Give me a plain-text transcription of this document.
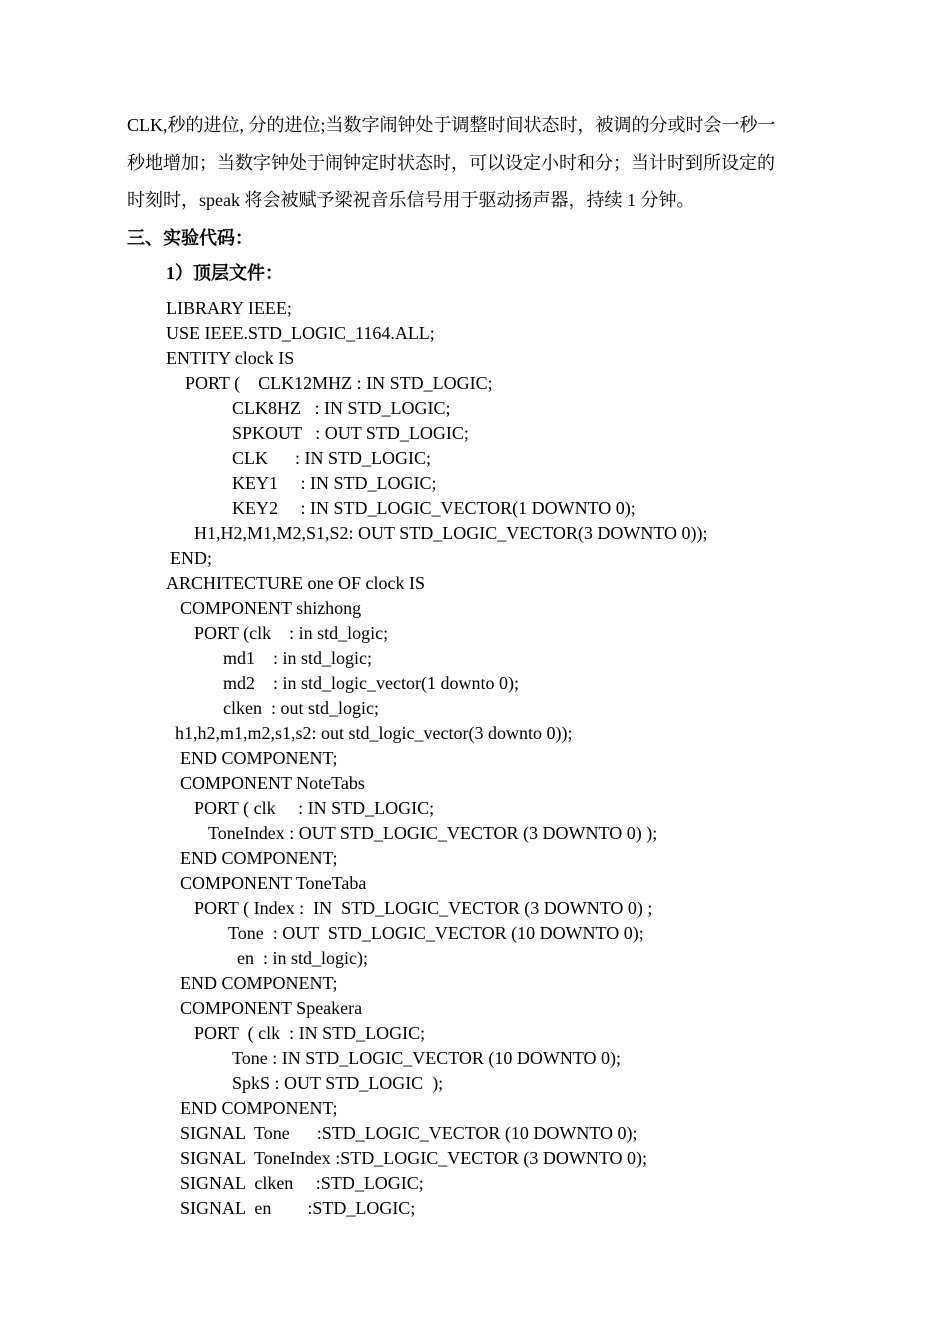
CLK,秒的进位, 分的进位;当数字闹钟处于调整时间状态时，被调的分或时会一秒一
秒地增加；当数字钟处于闹钟定时状态时，可以设定小时和分；当计时到所设定的
时刻时，speak 将会被赋予梁祝音乐信号用于驱动扬声器，持续 1 分钟。
三、实验代码：
1）顶层文件：
LIBRARY IEEE;
USE IEEE.STD_LOGIC_1164.ALL;
ENTITY clock IS
PORT (    CLK12MHZ : IN STD_LOGIC;
CLK8HZ   : IN STD_LOGIC;
SPKOUT   : OUT STD_LOGIC;
CLK      : IN STD_LOGIC;
KEY1     : IN STD_LOGIC;
KEY2     : IN STD_LOGIC_VECTOR(1 DOWNTO 0);
H1,H2,M1,M2,S1,S2: OUT STD_LOGIC_VECTOR(3 DOWNTO 0));
END;
ARCHITECTURE one OF clock IS
COMPONENT shizhong
PORT (clk    : in std_logic;
md1    : in std_logic;
md2    : in std_logic_vector(1 downto 0);
clken  : out std_logic;
h1,h2,m1,m2,s1,s2: out std_logic_vector(3 downto 0));
END COMPONENT;
COMPONENT NoteTabs
PORT ( clk     : IN STD_LOGIC;
ToneIndex : OUT STD_LOGIC_VECTOR (3 DOWNTO 0) );
END COMPONENT;
COMPONENT ToneTaba
PORT ( Index :  IN  STD_LOGIC_VECTOR (3 DOWNTO 0) ;
Tone  : OUT  STD_LOGIC_VECTOR (10 DOWNTO 0);
en  : in std_logic);
END COMPONENT;
COMPONENT Speakera
PORT  ( clk  : IN STD_LOGIC;
Tone : IN STD_LOGIC_VECTOR (10 DOWNTO 0);
SpkS : OUT STD_LOGIC  );
END COMPONENT;
SIGNAL  Tone      :STD_LOGIC_VECTOR (10 DOWNTO 0);
SIGNAL  ToneIndex :STD_LOGIC_VECTOR (3 DOWNTO 0);
SIGNAL  clken     :STD_LOGIC;
SIGNAL  en        :STD_LOGIC;
